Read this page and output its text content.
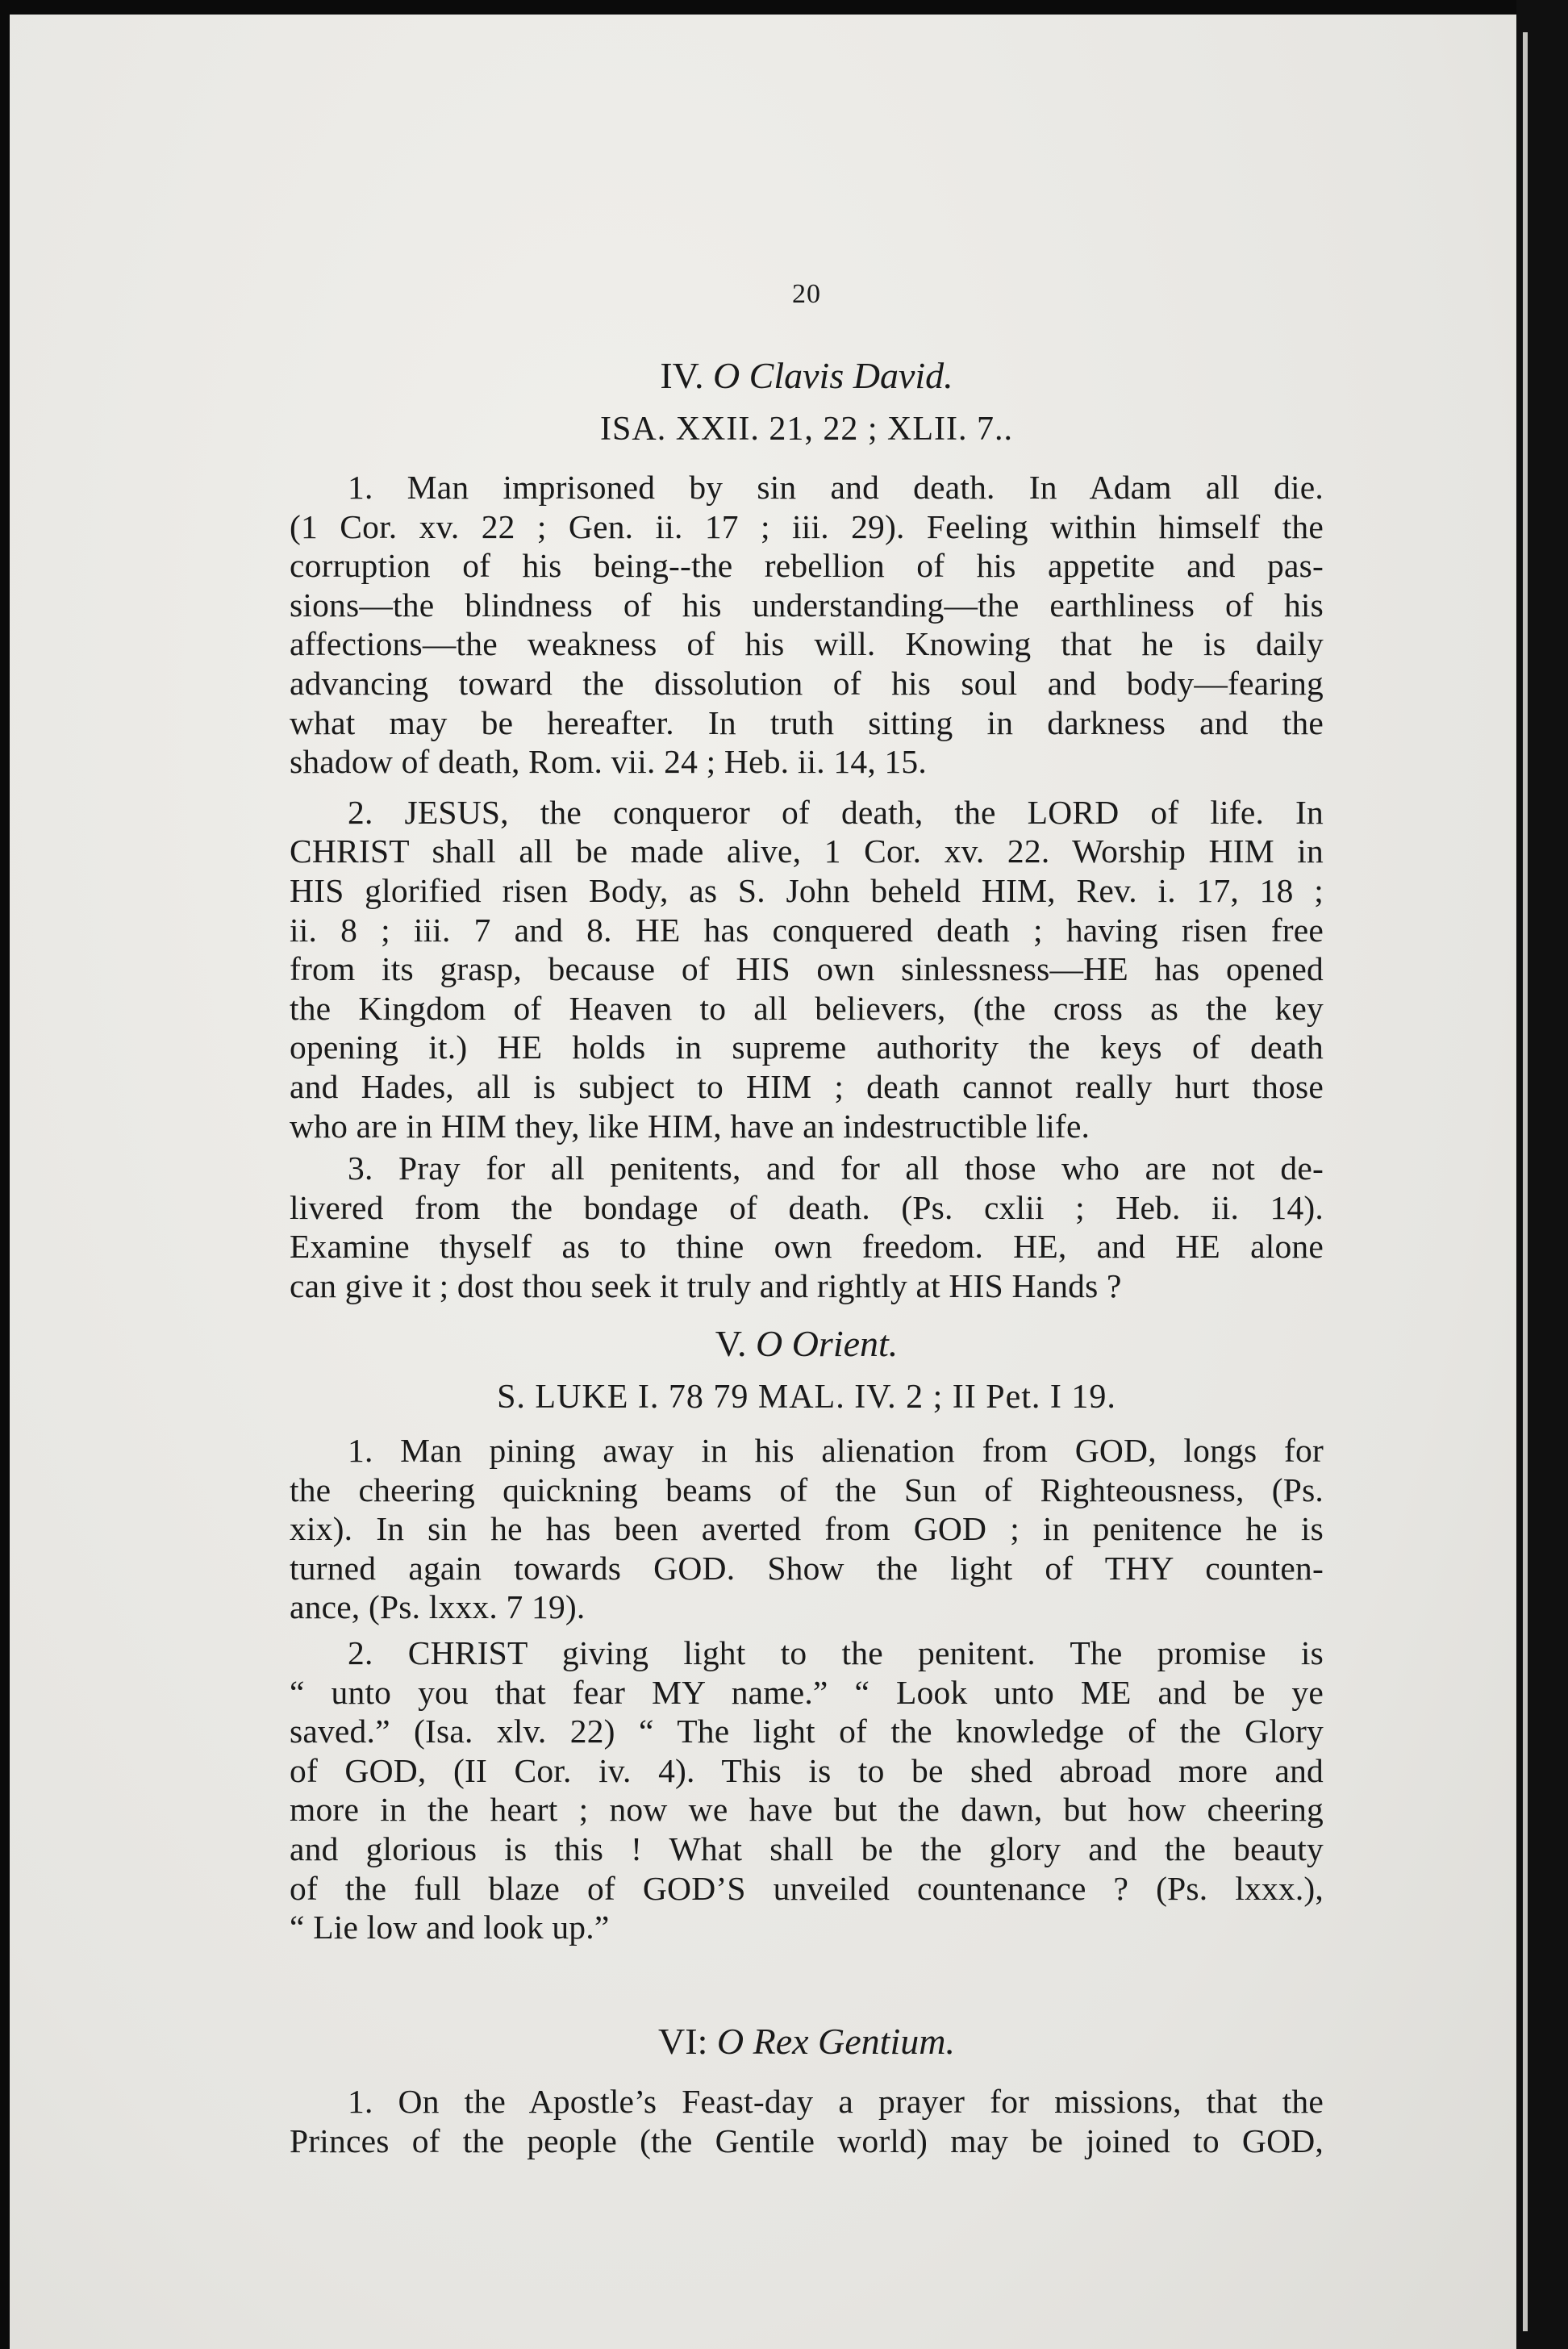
20

IV. O Clavis David.

ISA. XXII. 21, 22 ; XLII. 7..

1. Man imprisoned by sin and death. In Adam all die.
(1 Cor. xv. 22 ; Gen. ii. 17 ; iii. 29). Feeling within himself the
corruption of his being--the rebellion of his appetite and pas-
sions—the blindness of his understanding—the earthliness of his
affections—the weakness of his will. Knowing that he is daily
advancing toward the dissolution of his soul and body—fearing
what may be hereafter. In truth sitting in darkness and the
shadow of death, Rom. vii. 24 ; Heb. ii. 14, 15.

2. JESUS, the conqueror of death, the LORD of life. In
CHRIST shall all be made alive, 1 Cor. xv. 22. Worship HIM in
HIS glorified risen Body, as S. John beheld HIM, Rev. i. 17, 18 ;
ii. 8 ; iii. 7 and 8. HE has conquered death ; having risen free
from its grasp, because of HIS own sinlessness—HE has opened
the Kingdom of Heaven to all believers, (the cross as the key
opening it.) HE holds in supreme authority the keys of death
and Hades, all is subject to HIM ; death cannot really hurt those
who are in HIM they, like HIM, have an indestructible life.

3. Pray for all penitents, and for all those who are not de-
livered from the bondage of death. (Ps. cxlii ; Heb. ii. 14).
Examine thyself as to thine own freedom. HE, and HE alone
can give it ; dost thou seek it truly and rightly at HIS Hands ?

V. O Orient.

S. LUKE I. 78 79 MAL. IV. 2 ; II Pet. I 19.

1. Man pining away in his alienation from GOD, longs for
the cheering quickning beams of the Sun of Righteousness, (Ps.
xix). In sin he has been averted from GOD ; in penitence he is
turned again towards GOD. Show the light of THY counten-
ance, (Ps. lxxx. 7 19).

2. CHRIST giving light to the penitent. The promise is
“ unto you that fear MY name.” “ Look unto ME and be ye
saved.” (Isa. xlv. 22) “ The light of the knowledge of the Glory
of GOD, (II Cor. iv. 4). This is to be shed abroad more and
more in the heart ; now we have but the dawn, but how cheering
and glorious is this ! What shall be the glory and the beauty
of the full blaze of GOD’S unveiled countenance ? (Ps. lxxx.),
“ Lie low and look up.”

VI: O Rex Gentium.

1. On the Apostle’s Feast-day a prayer for missions, that the
Princes of the people (the Gentile world) may be joined to GOD,
